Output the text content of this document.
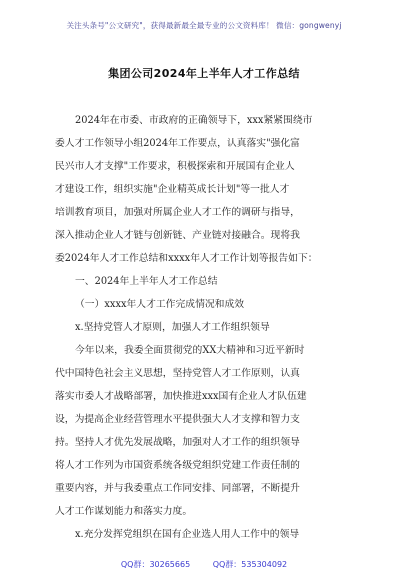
关注头条号"公文研究"，获得最新最全最专业的公文资料库！ 微信：gongwenyj
集团公司2024年上半年人才工作总结
2024年在市委、市政府的正确领导下，xxx紧紧围绕市
委人才工作领导小组2024年工作要点，认真落实"强化富
民兴市人才支撑"工作要求，积极探索和开展国有企业人
才建设工作，组织实施"企业精英成长计划"等一批人才
培训教育项目，加强对所属企业人才工作的调研与指导，
深入推动企业人才链与创新链、产业链对接融合。现将我
委2024年人才工作总结和xxxx年人才工作计划等报告如下：
一、2024年上半年人才工作总结
（一）xxxx年人才工作完成情况和成效
x.坚持党管人才原则，加强人才工作组织领导
今年以来，我委全面贯彻党的XX大精神和习近平新时
代中国特色社会主义思想，坚持党管人才工作原则，认真
落实市委人才战略部署，加快推进xxx国有企业人才队伍建
设，为提高企业经营管理水平提供强大人才支撑和智力支
持。坚持人才优先发展战略，加强对人才工作的组织领导
将人才工作列为市国资系统各级党组织党建工作责任制的
重要内容，并与我委重点工作同安排、同部署，不断提升
人才工作谋划能力和落实力度。
x.充分发挥党组织在国有企业选人用人工作中的领导
QQ群：30265665	QQ群：535304092
